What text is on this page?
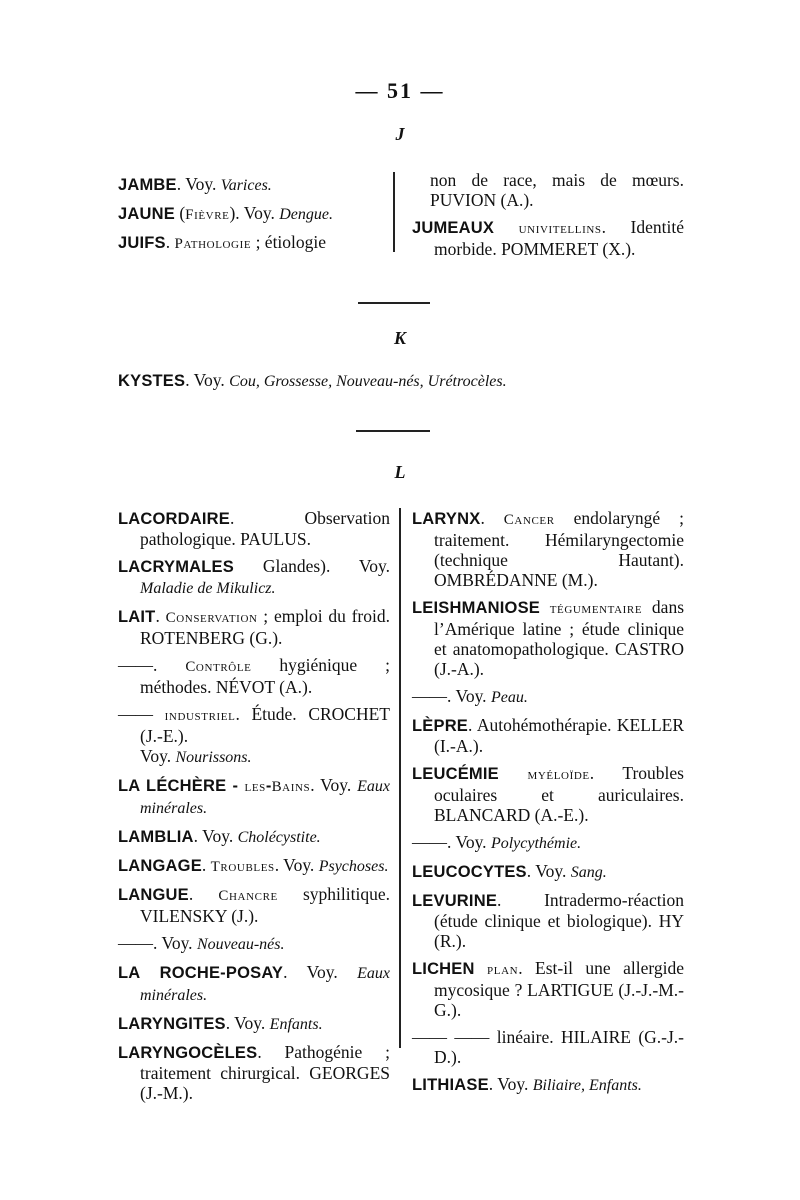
— 51 —
J

JAMBE. Voy. Varices.

JAUNE (Fièvre). Voy. Dengue.

JUIFS. Pathologie ; étiologie

non de race, mais de mœurs. PUVION (A.).

JUMEAUX univitellins. Identité morbide. POMMERET (X.).

K
KYSTES. Voy. Cou, Grossesse, Nouveau-nés, Urétrocèles.
L

LACORDAIRE. Observation pathologique. PAULUS.

LACRYMALES Glandes). Voy. Maladie de Mikulicz.

LAIT. Conservation ; emploi du froid. ROTENBERG (G.).

——. Contrôle hygiénique ; méthodes. NÉVOT (A.).

—— industriel. Étude. CROCHET (J.-E.).

Voy. Nourissons.

LA LÉCHÈRE - les-Bains. Voy. Eaux minérales.

LAMBLIA. Voy. Cholécystite.

LANGAGE. Troubles. Voy. Psychoses.

LANGUE. Chancre syphilitique. VILENSKY (J.).

——. Voy. Nouveau-nés.

LA ROCHE-POSAY. Voy. Eaux minérales.

LARYNGITES. Voy. Enfants.

LARYNGOCÈLES. Pathogénie ; traitement chirurgical. GEORGES (J.-M.).

LARYNX. Cancer endolaryngé ; traitement. Hémilaryngectomie (technique Hautant). OMBRÉDANNE (M.).

LEISHMANIOSE tégumentaire dans l’Amérique latine ; étude clinique et anatomopathologique. CASTRO (J.-A.).

——. Voy. Peau.

LÈPRE. Autohémothérapie. KELLER (I.-A.).

LEUCÉMIE myéloïde. Troubles oculaires et auriculaires. BLANCARD (A.-E.).

——. Voy. Polycythémie.

LEUCOCYTES. Voy. Sang.

LEVURINE. Intradermo-réaction (étude clinique et biologique). HY (R.).

LICHEN plan. Est-il une allergide mycosique ? LARTIGUE (J.-J.-M.-G.).

—— —— linéaire. HILAIRE (G.-J.-D.).

LITHIASE. Voy. Biliaire, Enfants.
